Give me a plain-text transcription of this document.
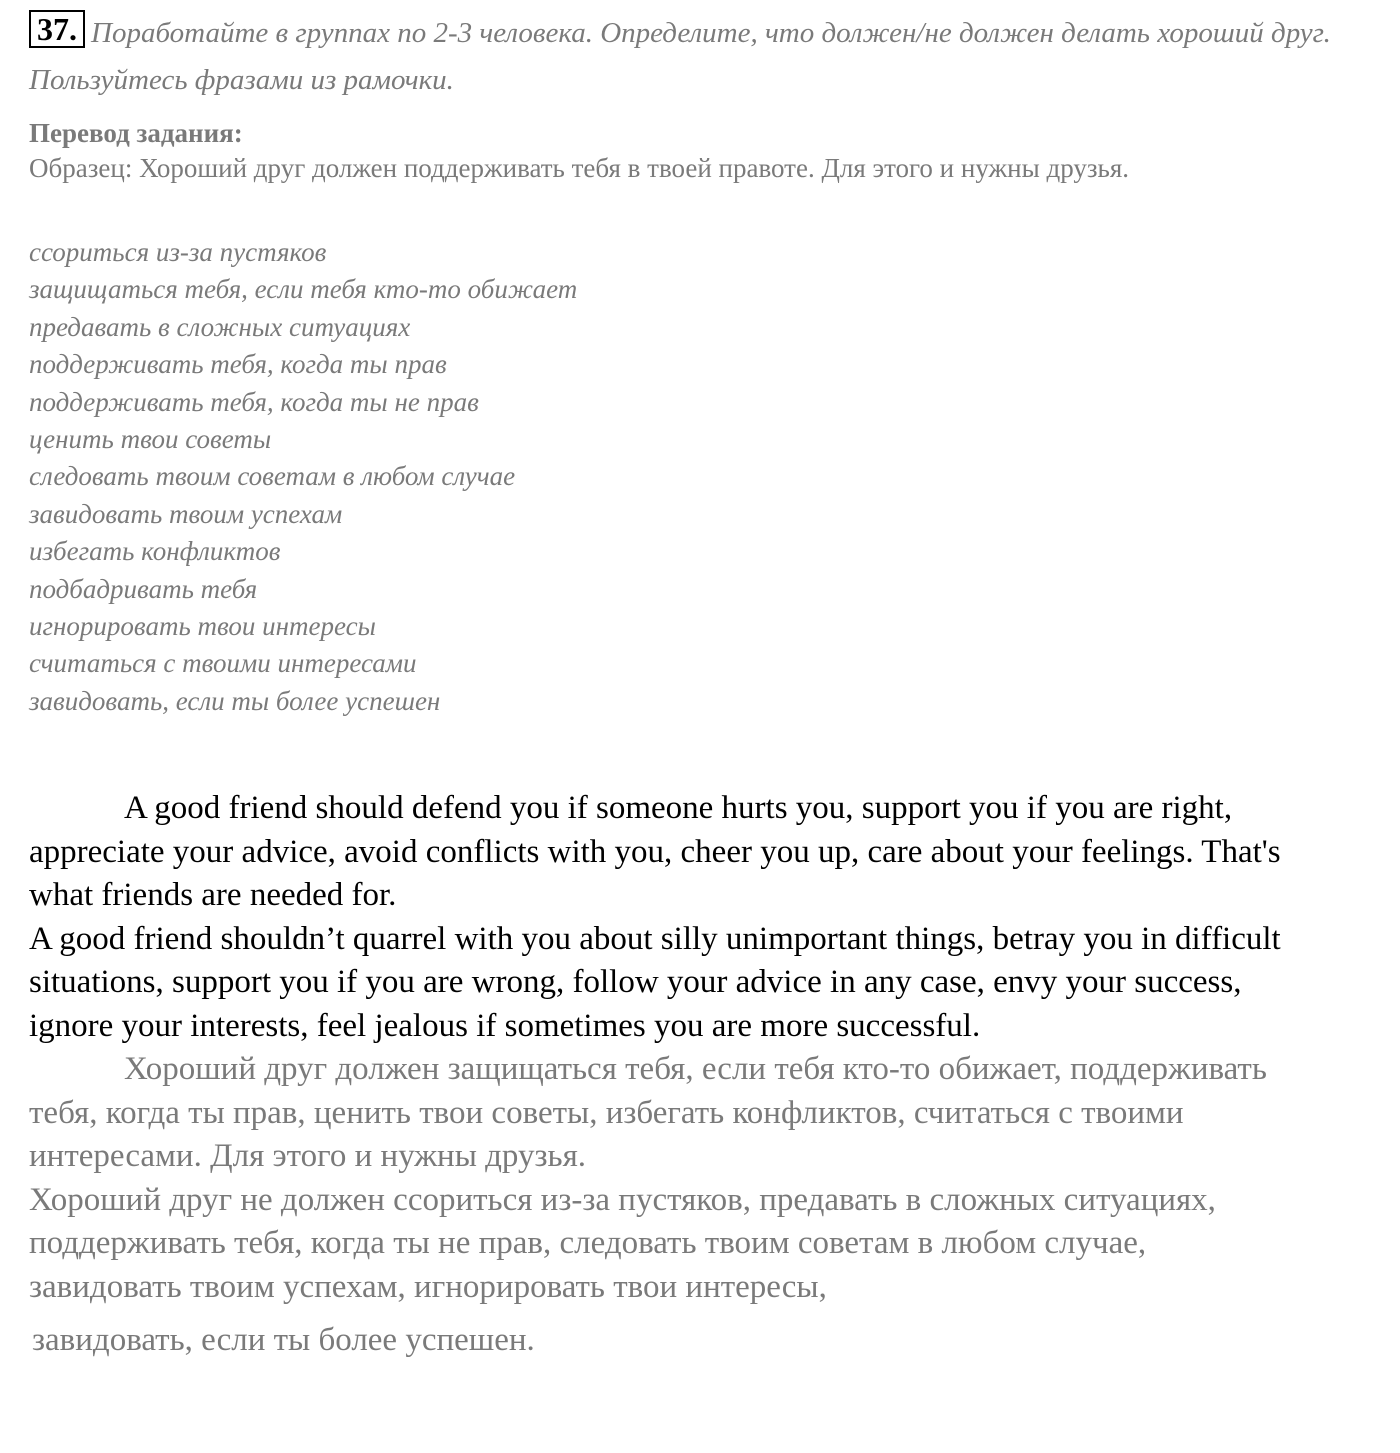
37. Поработайте в группах по 2-3 человека. Определите, что должен/не должен делать хороший друг. Пользуйтесь фразами из рамочки.

Перевод задания:

Образец: Хороший друг должен поддерживать тебя в твоей правоте. Для этого и нужны друзья.

ссориться из-за пустяков
защищаться тебя, если тебя кто-то обижает
предавать в сложных ситуациях
поддерживать тебя, когда ты прав
поддерживать тебя, когда ты не прав
ценить твои советы
следовать твоим советам в любом случае
завидовать твоим успехам
избегать конфликтов
подбадривать тебя
игнорировать твои интересы
считаться с твоими интересами
завидовать, если ты более успешен

A good friend should defend you if someone hurts you, support you if you are right, appreciate your advice, avoid conflicts with you, cheer you up, care about your feelings. That's what friends are needed for.

A good friend shouldn’t quarrel with you about silly unimportant things, betray you in difficult situations, support you if you are wrong, follow your advice in any case, envy your success, ignore your interests, feel jealous if sometimes you are more successful.

Хороший друг должен защищаться тебя, если тебя кто-то обижает, поддерживать тебя, когда ты прав, ценить твои советы, избегать конфликтов, считаться с твоими интересами. Для этого и нужны друзья.

Хороший друг не должен ссориться из-за пустяков, предавать в сложных ситуациях, поддерживать тебя, когда ты не прав, следовать твоим советам в любом случае, завидовать твоим успехам, игнорировать твои интересы,

завидовать, если ты более успешен.
